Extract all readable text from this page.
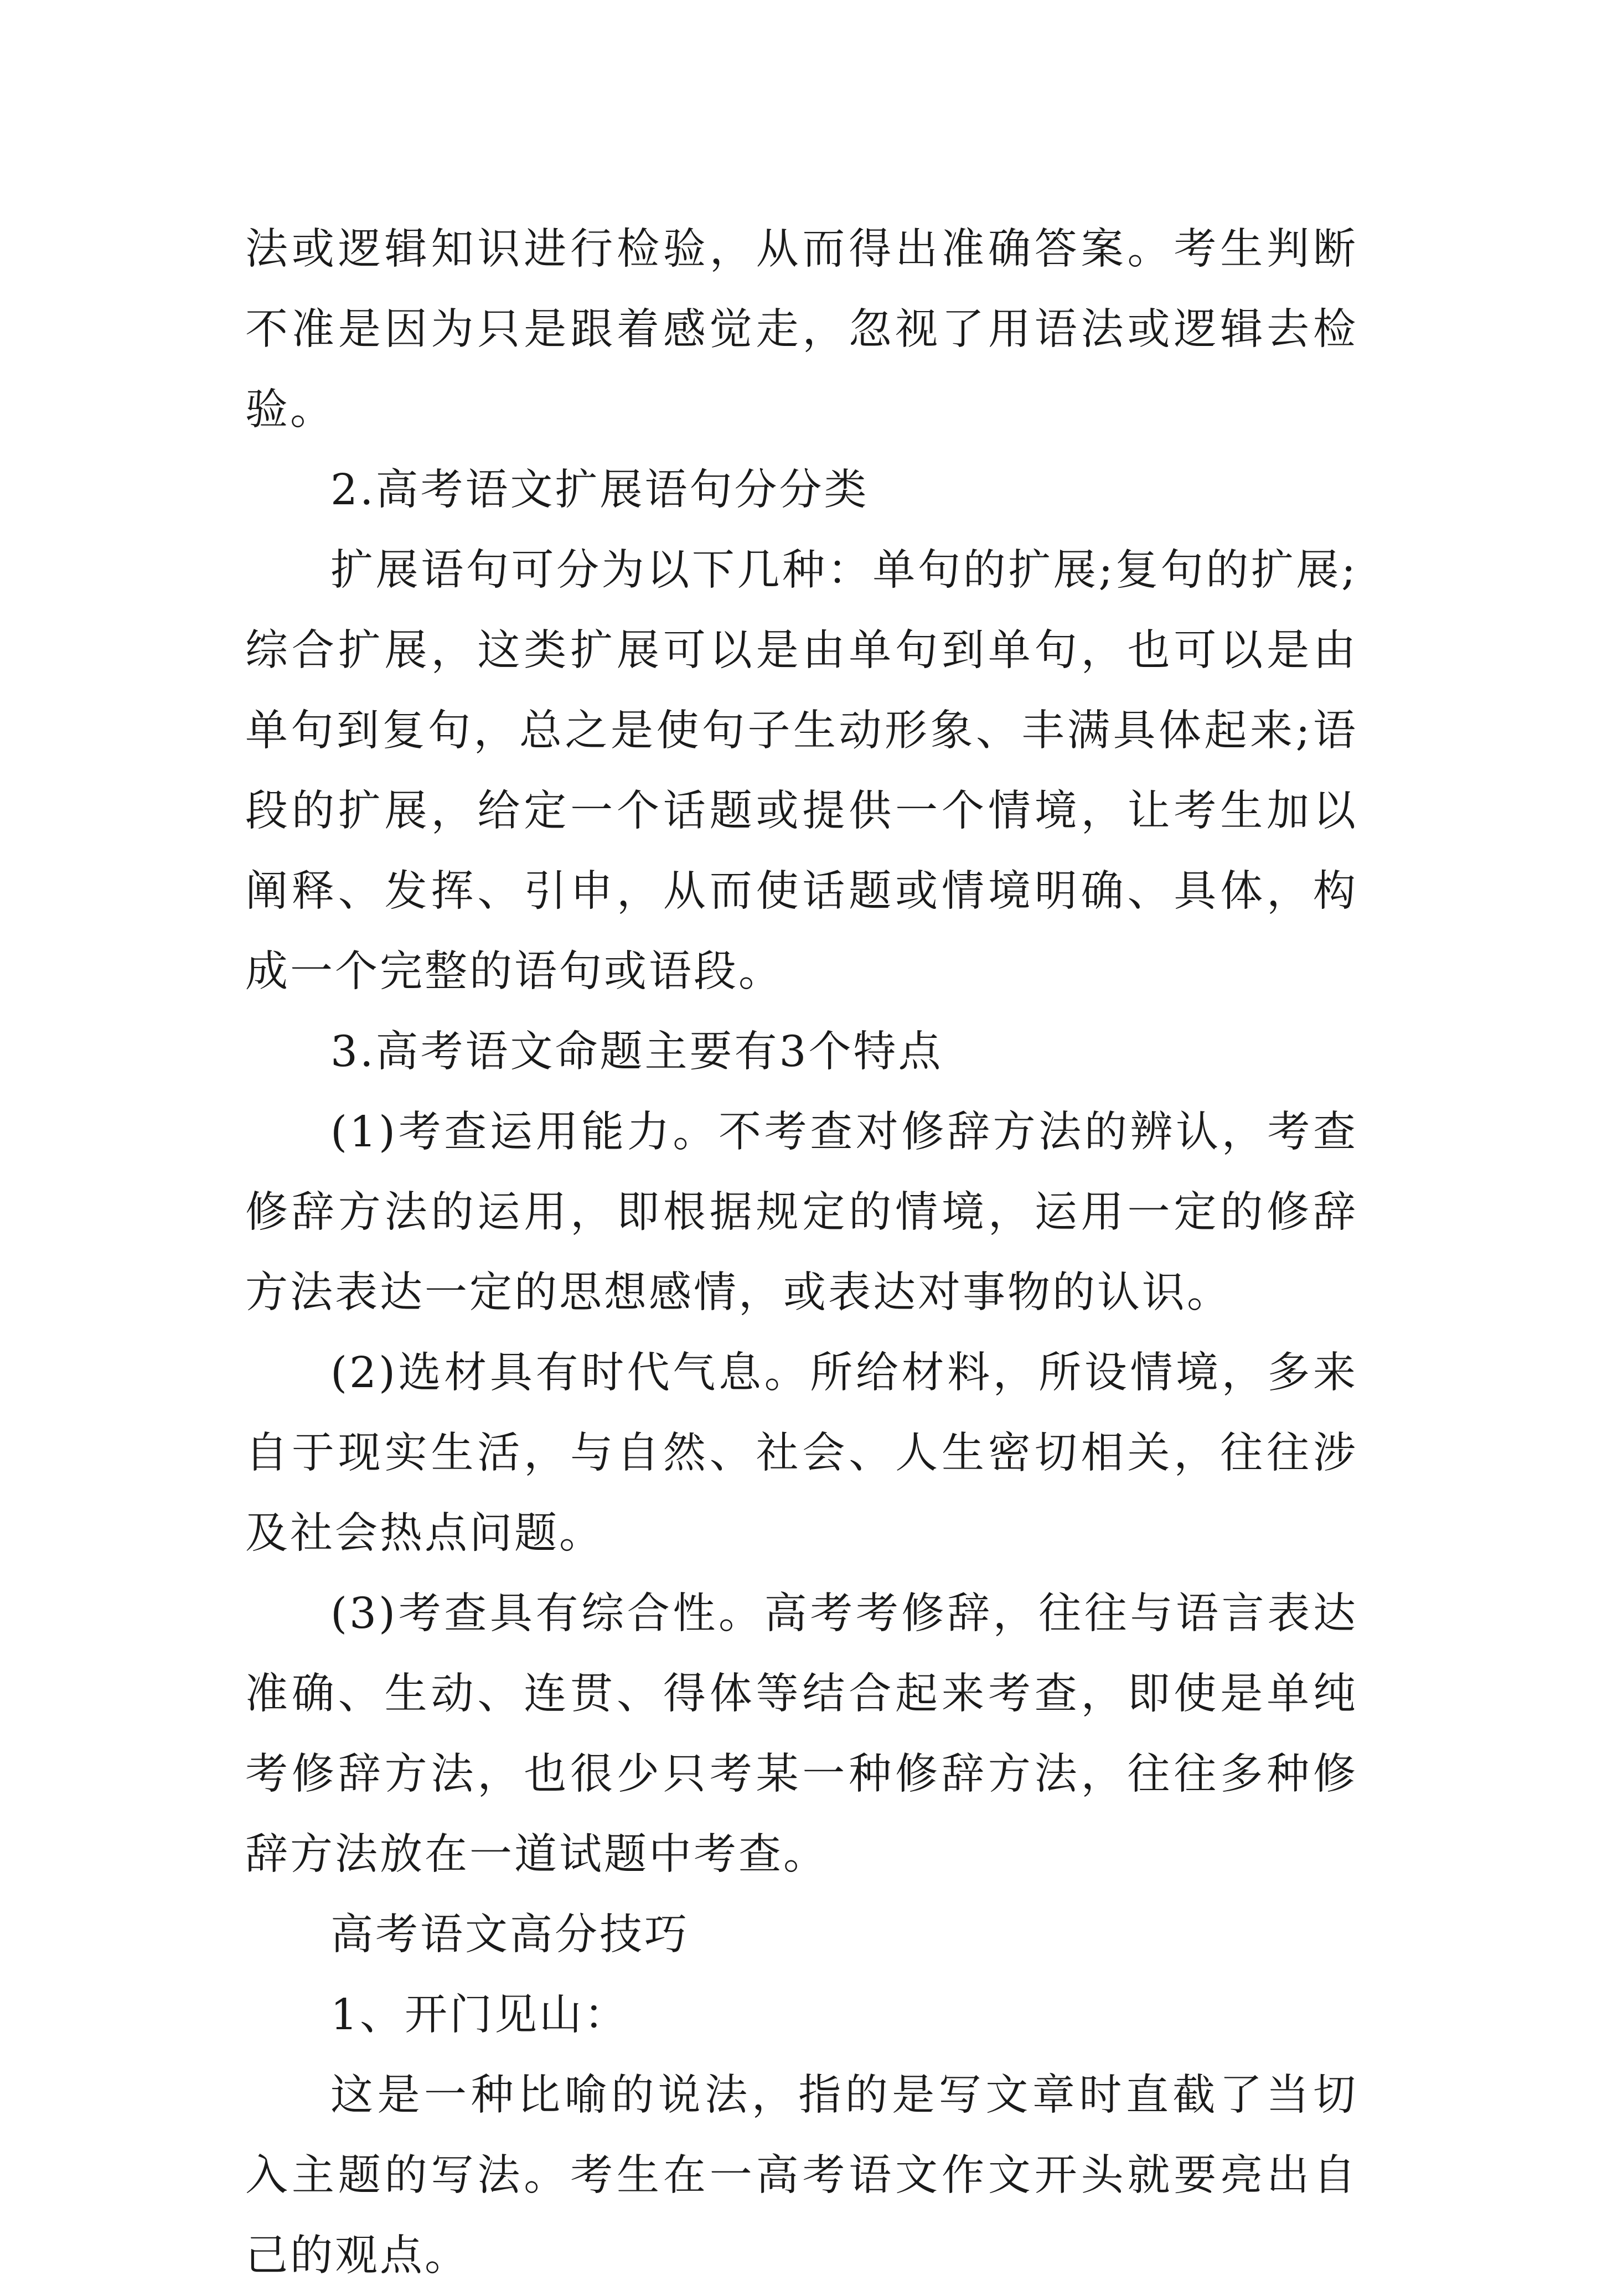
法或逻辑知识进行检验，从而得出准确答案。考生判断不准是因为只是跟着感觉走，忽视了用语法或逻辑去检验。

2.高考语文扩展语句分分类

扩展语句可分为以下几种：单句的扩展;复句的扩展;综合扩展，这类扩展可以是由单句到单句，也可以是由单句到复句，总之是使句子生动形象、丰满具体起来;语段的扩展，给定一个话题或提供一个情境，让考生加以阐释、发挥、引申，从而使话题或情境明确、具体，构成一个完整的语句或语段。

3.高考语文命题主要有3个特点

(1)考查运用能力。不考查对修辞方法的辨认，考查修辞方法的运用，即根据规定的情境，运用一定的修辞方法表达一定的思想感情，或表达对事物的认识。

(2)选材具有时代气息。所给材料，所设情境，多来自于现实生活，与自然、社会、人生密切相关，往往涉及社会热点问题。

(3)考查具有综合性。高考考修辞，往往与语言表达准确、生动、连贯、得体等结合起来考查，即使是单纯考修辞方法，也很少只考某一种修辞方法，往往多种修辞方法放在一道试题中考查。

高考语文高分技巧

1、开门见山：

这是一种比喻的说法，指的是写文章时直截了当切入主题的写法。考生在一高考语文作文开头就要亮出自己的观点。
